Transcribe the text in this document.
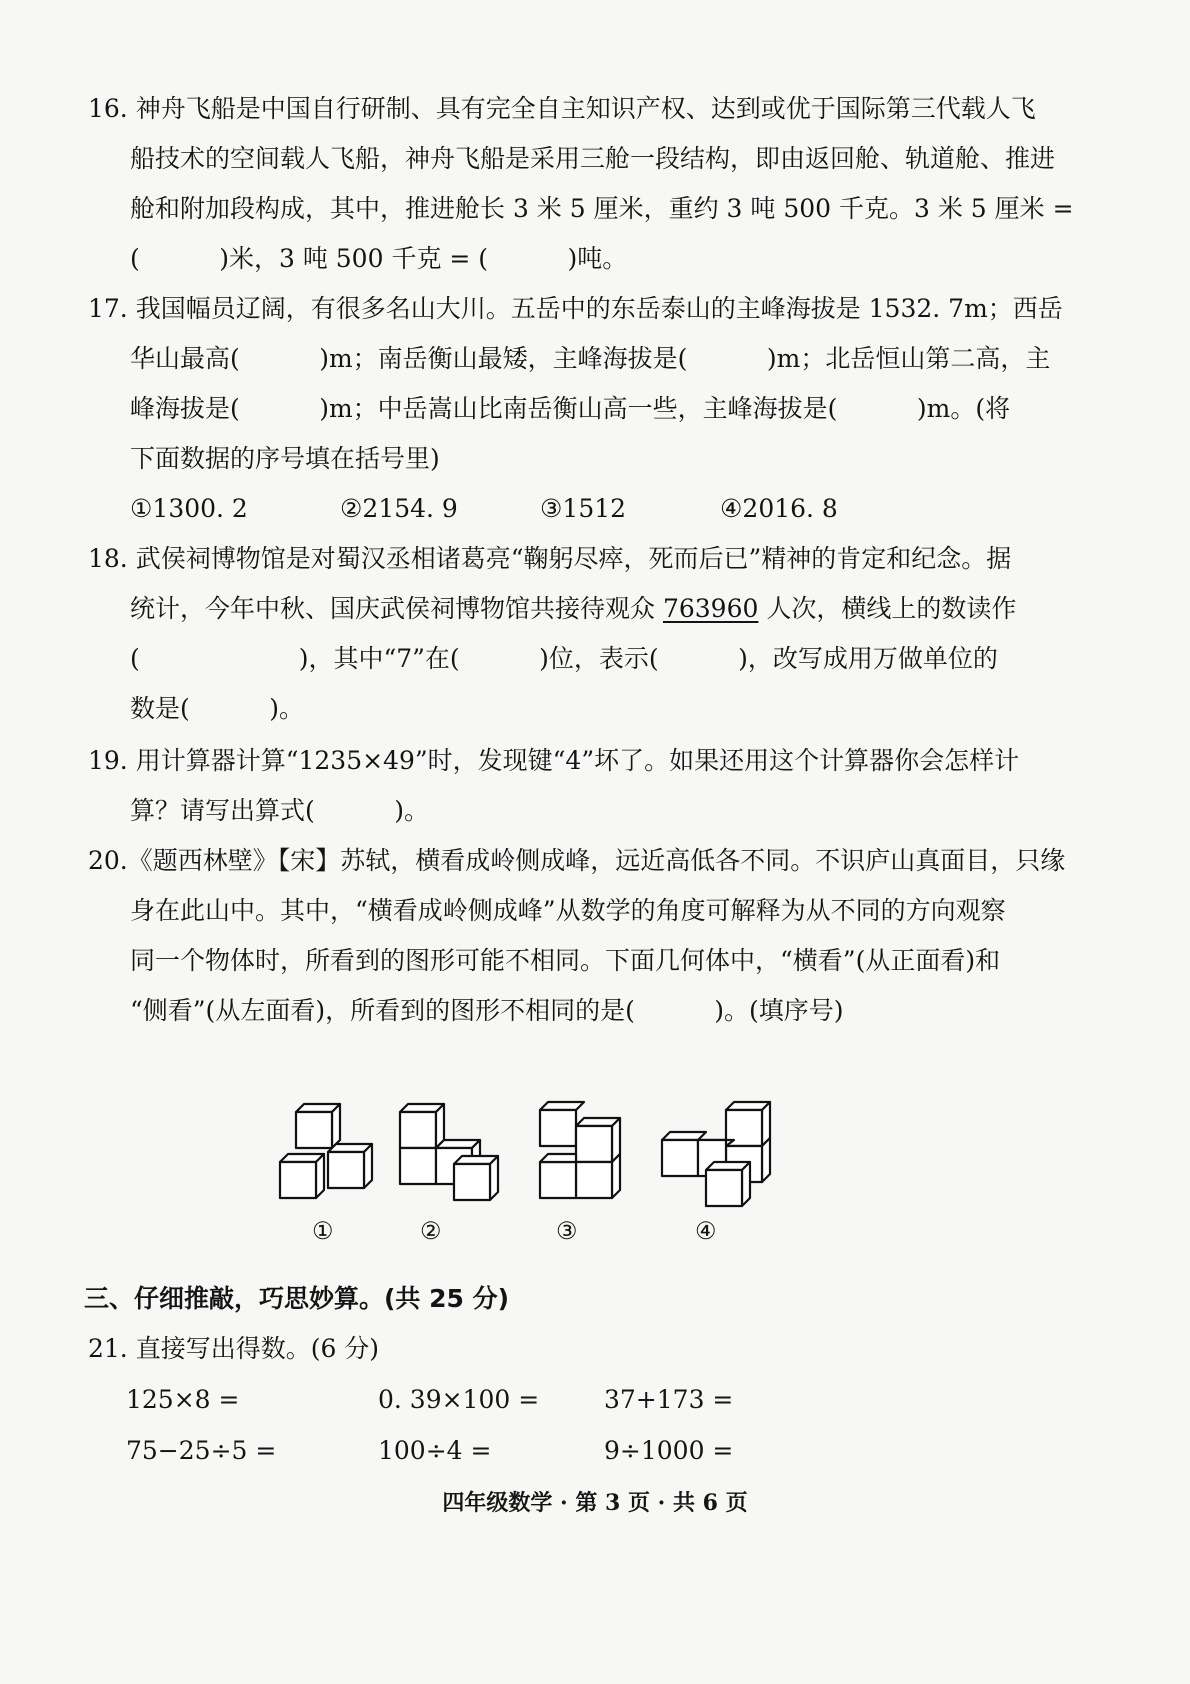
16. 神舟飞船是中国自行研制、具有完全自主知识产权、达到或优于国际第三代载人飞
船技术的空间载人飞船，神舟飞船是采用三舱一段结构，即由返回舱、轨道舱、推进
舱和附加段构成，其中，推进舱长 3 米 5 厘米，重约 3 吨 500 千克。3 米 5 厘米 =
(          )米，3 吨 500 千克 = (          )吨。
17. 我国幅员辽阔，有很多名山大川。五岳中的东岳泰山的主峰海拔是 1532. 7m；西岳
华山最高(          )m；南岳衡山最矮，主峰海拔是(          )m；北岳恒山第二高，主
峰海拔是(          )m；中岳嵩山比南岳衡山高一些，主峰海拔是(          )m。(将
下面数据的序号填在括号里)
①1300. 2	②2154. 9	③1512	④2016. 8
18. 武侯祠博物馆是对蜀汉丞相诸葛亮“鞠躬尽瘁，死而后已”精神的肯定和纪念。据
统计，今年中秋、国庆武侯祠博物馆共接待观众 763960 人次，横线上的数读作
(                    )，其中“7”在(          )位，表示(          )，改写成用万做单位的
数是(          )。
19. 用计算器计算“1235×49”时，发现键“4”坏了。如果还用这个计算器你会怎样计
算？请写出算式(          )。
20.《题西林壁》【宋】苏轼，横看成岭侧成峰，远近高低各不同。不识庐山真面目，只缘
身在此山中。其中，“横看成岭侧成峰”从数学的角度可解释为从不同的方向观察
同一个物体时，所看到的图形可能不相同。下面几何体中，“横看”(从正面看)和
“侧看”(从左面看)，所看到的图形不相同的是(          )。(填序号)
①	②	③	④
三、仔细推敲，巧思妙算。(共 25 分)
21. 直接写出得数。(6 分)
125×8 =	0. 39×100 =	37+173 =
75−25÷5 =	100÷4 =	9÷1000 =
四年级数学 · 第 3 页 · 共 6 页
